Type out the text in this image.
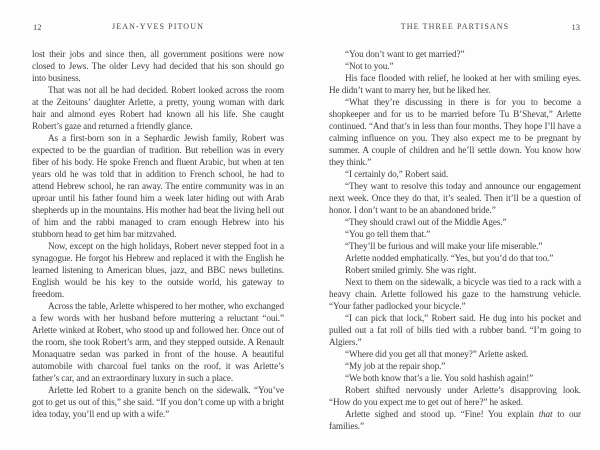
12	JEAN-YVES PITOUN

lost their jobs and since then, all government positions were now closed to Jews. The older Levy had decided that his son should go into business.

That was not all he had decided. Robert looked across the room at the Zeitouns’ daughter Arlette, a pretty, young woman with dark hair and almond eyes Robert had known all his life. She caught Robert’s gaze and returned a friendly glance.

As a first-born son in a Sephardic Jewish family, Robert was expected to be the guardian of tradition. But rebellion was in every fiber of his body. He spoke French and fluent Arabic, but when at ten years old he was told that in addition to French school, he had to attend Hebrew school, he ran away. The entire community was in an uproar until his father found him a week later hiding out with Arab shepherds up in the mountains. His mother had beat the living hell out of him and the rabbi managed to cram enough Hebrew into his stubborn head to get him bar mitzvahed.

Now, except on the high holidays, Robert never stepped foot in a synagogue. He forgot his Hebrew and replaced it with the English he learned listening to American blues, jazz, and BBC news bulletins. English would be his key to the outside world, his gateway to freedom.

Across the table, Arlette whispered to her mother, who exchanged a few words with her husband before muttering a reluctant “oui.” Arlette winked at Robert, who stood up and followed her. Once out of the room, she took Robert’s arm, and they stepped outside. A Renault Monaquatre sedan was parked in front of the house. A beautiful automobile with charcoal fuel tanks on the roof, it was Arlette’s father’s car, and an extraordinary luxury in such a place.

Arlette led Robert to a granite bench on the sidewalk. “You’ve got to get us out of this,” she said. “If you don’t come up with a bright idea today, you’ll end up with a wife.”

THE THREE PARTISANS	13

“You don’t want to get married?”

“Not to you.”

His face flooded with relief, he looked at her with smiling eyes. He didn’t want to marry her, but he liked her.

“What they’re discussing in there is for you to become a shopkeeper and for us to be married before Tu B’Shevat,” Arlette continued. “And that’s in less than four months. They hope I’ll have a calming influence on you. They also expect me to be pregnant by summer. A couple of children and he’ll settle down. You know how they think.”

“I certainly do,” Robert said.

“They want to resolve this today and announce our engagement next week. Once they do that, it’s sealed. Then it’ll be a question of honor. I don’t want to be an abandoned bride.”

“They should crawl out of the Middle Ages.”

“You go tell them that.”

“They’ll be furious and will make your life miserable.”

Arlette nodded emphatically. “Yes, but you’d do that too.”

Robert smiled grimly. She was right.

Next to them on the sidewalk, a bicycle was tied to a rack with a heavy chain. Arlette followed his gaze to the hamstrung vehicle. “Your father padlocked your bicycle.”

“I can pick that lock,” Robert said. He dug into his pocket and pulled out a fat roll of bills tied with a rubber band. “I’m going to Algiers.”

“Where did you get all that money?” Arlette asked.

“My job at the repair shop.”

“We both know that’s a lie. You sold hashish again!”

Robert shifted nervously under Arlette’s disapproving look. “How do you expect me to get out of here?” he asked.

Arlette sighed and stood up. “Fine! You explain that to our families.”
